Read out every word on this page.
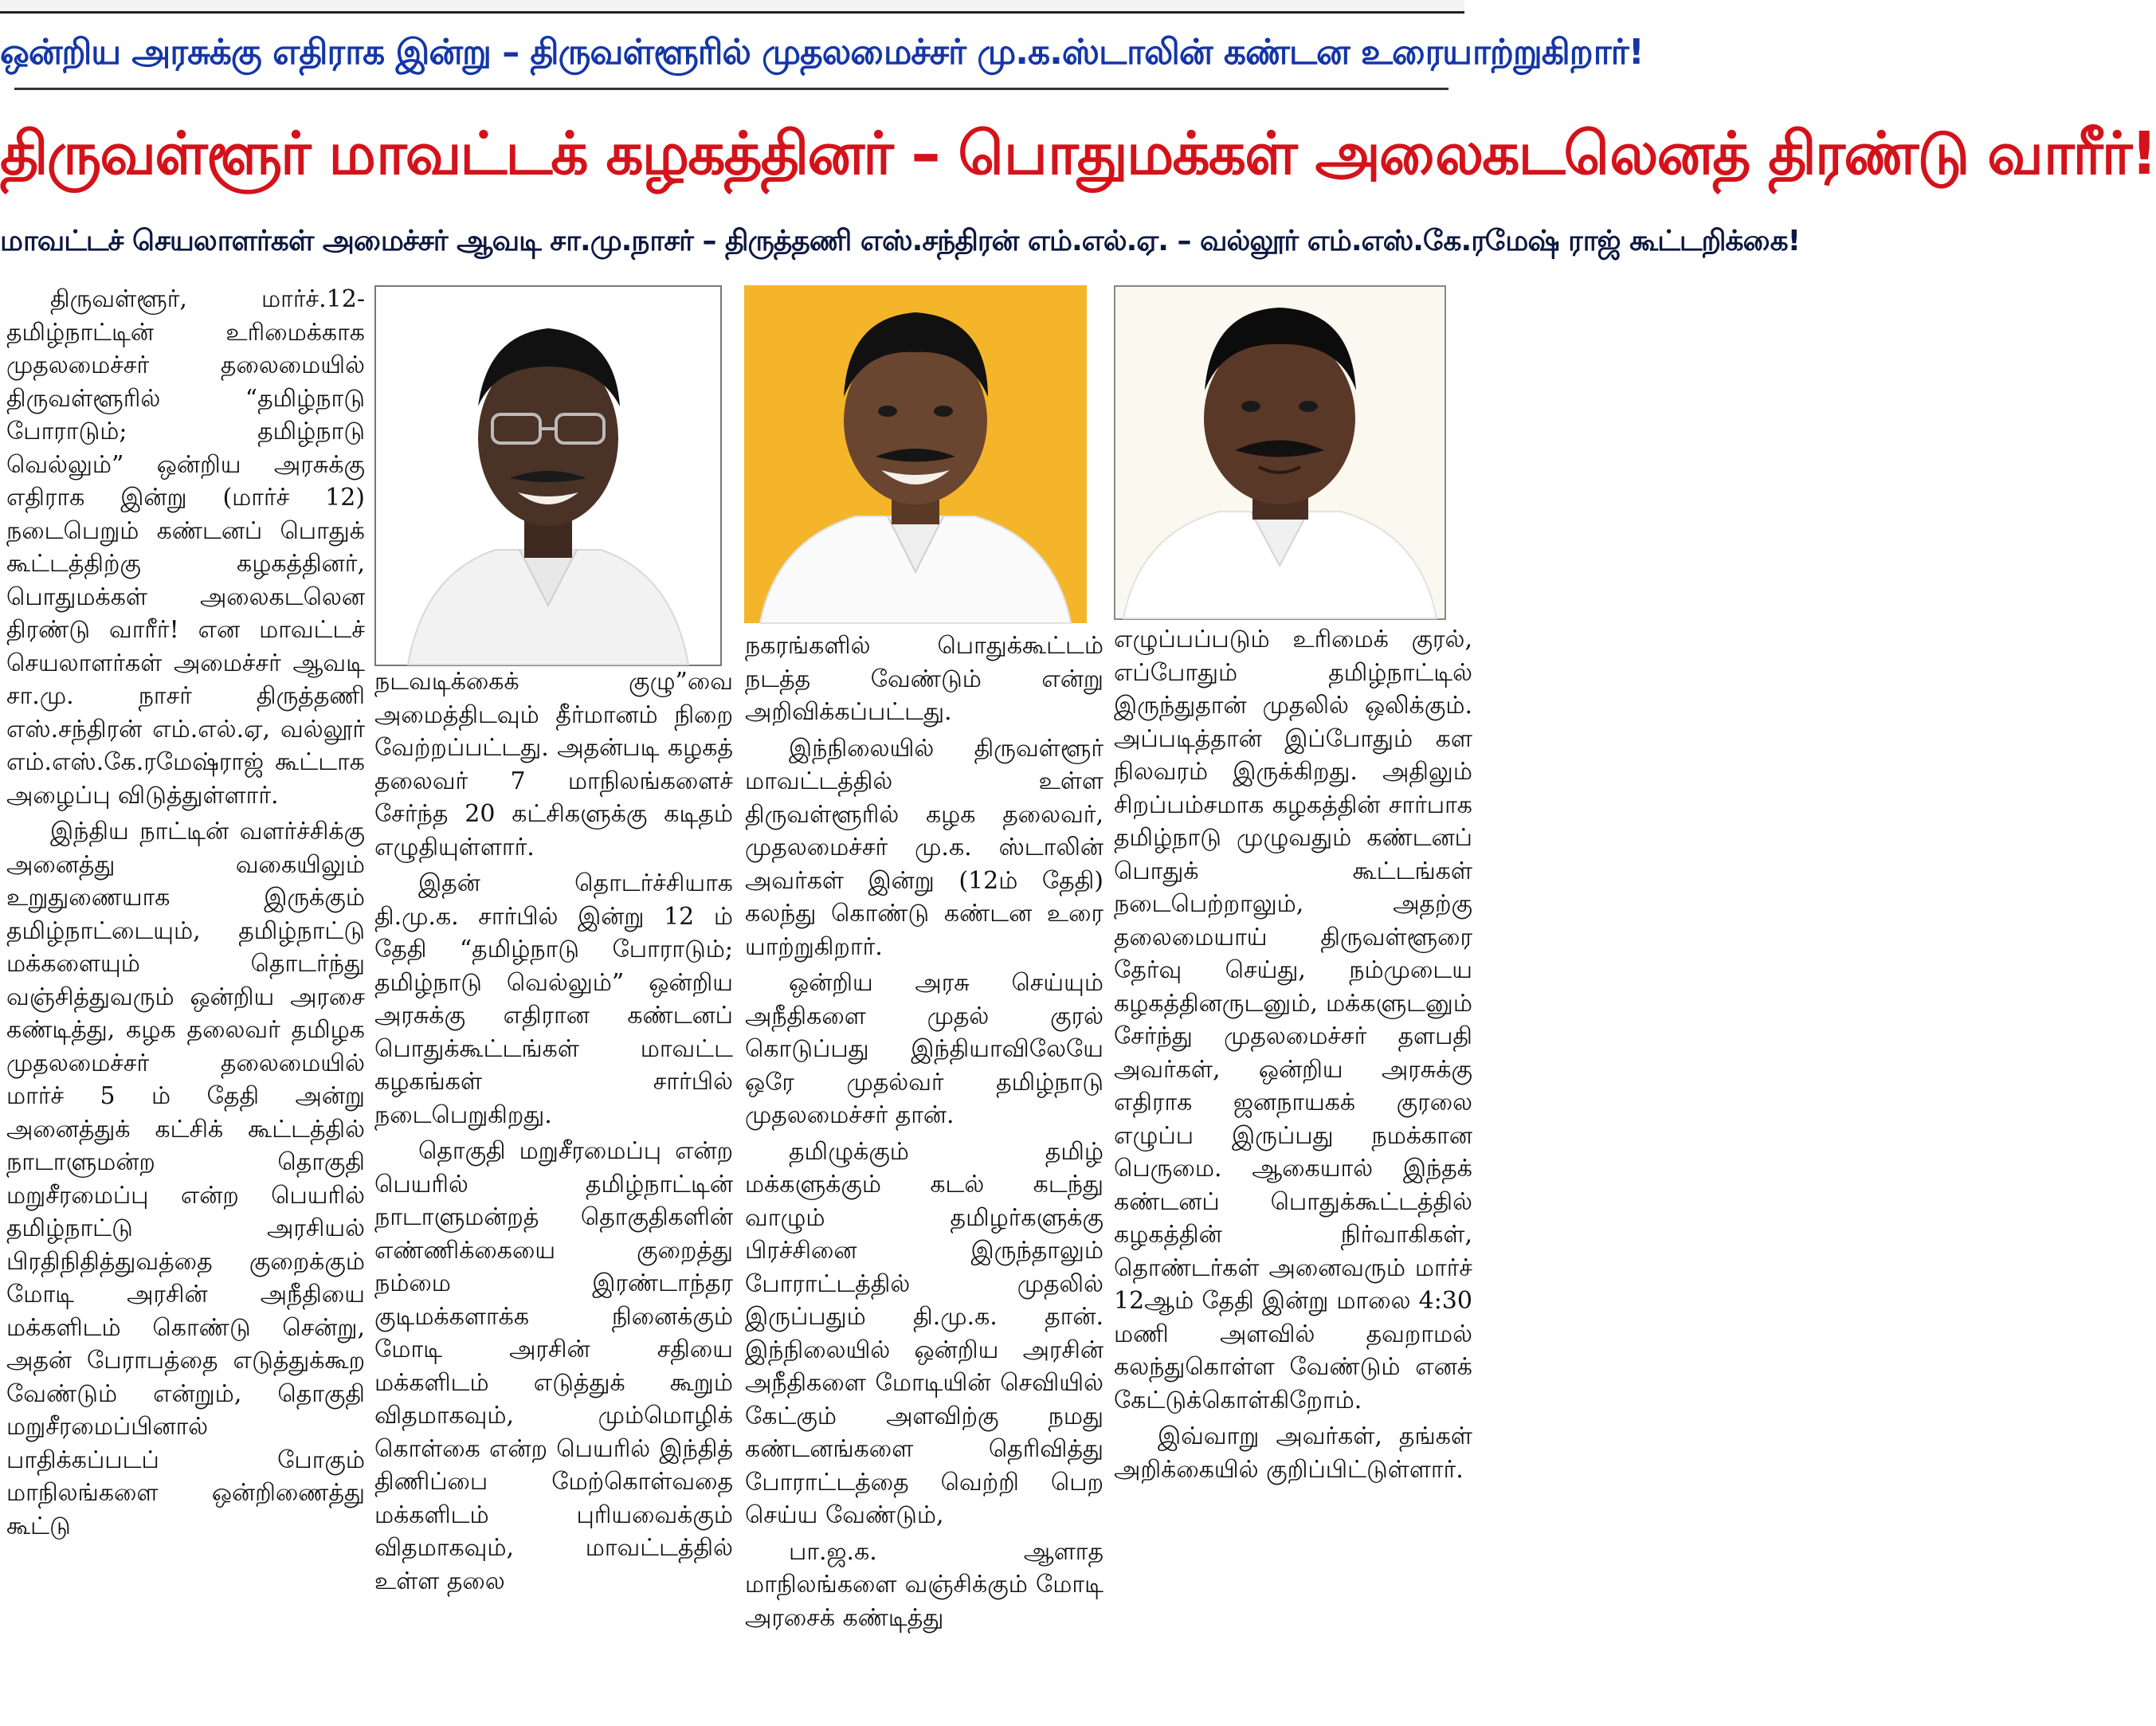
ஒன்றிய அரசுக்கு எதிராக இன்று – திருவள்ளூரில் முதலமைச்சர் மு.க.ஸ்டாலின் கண்டன உரையாற்றுகிறார்!
திருவள்ளூர் மாவட்டக் கழகத்தினர் – பொதுமக்கள் அலைகடலெனத் திரண்டு வாரீர்!
மாவட்டச் செயலாளர்கள் அமைச்சர் ஆவடி சா.மு.நாசர் – திருத்தணி எஸ்.சந்திரன் எம்.எல்.ஏ. – வல்லூர் எம்.எஸ்.கே.ரமேஷ் ராஜ் கூட்டறிக்கை!

திருவள்ளூர், மார்ச்.12- தமிழ்நாட்டின் உரிமைக்காக முதலமைச்சர் தலைமையில் திருவள்ளூரில் “தமிழ்நாடு போராடும்; தமிழ்நாடு வெல்லும்” ஒன்றிய அரசுக்கு எதிராக இன்று (மார்ச் 12) நடைபெறும் கண்டனப் பொதுக் கூட்டத்திற்கு கழகத்தினர், பொதுமக்கள் அலைகடலென திரண்டு வாரீர்! என மாவட்டச் செயலாளர்கள் அமைச்சர் ஆவடி சா.மு. நாசர் திருத்தணி எஸ்.சந்திரன் எம்.எல்.ஏ, வல்லூர் எம்.எஸ்.கே.ரமேஷ்ராஜ் கூட்டாக அழைப்பு விடுத்துள்ளார்.

இந்திய நாட்டின் வளர்ச்சிக்கு அனைத்து வகையிலும் உறுதுணையாக இருக்கும் தமிழ்நாட்டையும், தமிழ்நாட்டு மக்களையும் தொடர்ந்து வஞ்சித்துவரும் ஒன்றிய அரசை கண்டித்து, கழக தலைவர் தமிழக முதலமைச்சர் தலைமையில் மார்ச் 5 ம் தேதி அன்று அனைத்துக் கட்சிக் கூட்டத்தில் நாடாளுமன்ற தொகுதி மறுசீரமைப்பு என்ற பெயரில் தமிழ்நாட்டு அரசியல் பிரதிநிதித்துவத்தை குறைக்கும் மோடி அரசின் அநீதியை மக்களிடம் கொண்டு சென்று, அதன் பேராபத்தை எடுத்துக்கூற வேண்டும் என்றும், தொகுதி மறுசீரமைப்பினால் பாதிக்கப்படப் போகும் மாநிலங்களை ஒன்றிணைத்து கூட்டு

நடவடிக்கைக் குழு”வை அமைத்திடவும் தீர்மானம் நிறை வேற்றப்பட்டது. அதன்படி கழகத் தலைவர் 7 மாநிலங்களைச் சேர்ந்த 20 கட்சிகளுக்கு கடிதம் எழுதியுள்ளார்.

இதன் தொடர்ச்சியாக தி.மு.க. சார்பில் இன்று 12 ம் தேதி “தமிழ்நாடு போராடும்; தமிழ்நாடு வெல்லும்” ஒன்றிய அரசுக்கு எதிரான கண்டனப் பொதுக்கூட்டங்கள் மாவட்ட கழகங்கள் சார்பில் நடைபெறுகிறது.

தொகுதி மறுசீரமைப்பு என்ற பெயரில் தமிழ்நாட்டின் நாடாளுமன்றத் தொகுதிகளின் எண்ணிக்கையை குறைத்து நம்மை இரண்டாந்தர குடிமக்களாக்க நினைக்கும் மோடி அரசின் சதியை மக்களிடம் எடுத்துக் கூறும் விதமாகவும், மும்மொழிக் கொள்கை என்ற பெயரில் இந்தித் திணிப்பை மேற்கொள்வதை மக்களிடம் புரியவைக்கும் விதமாகவும், மாவட்டத்தில் உள்ள தலை

நகரங்களில் பொதுக்கூட்டம் நடத்த வேண்டும் என்று அறிவிக்கப்பட்டது.

இந்நிலையில் திருவள்ளூர் மாவட்டத்தில் உள்ள திருவள்ளூரில் கழக தலைவர், முதலமைச்சர் மு.க. ஸ்டாலின் அவர்கள் இன்று (12ம் தேதி) கலந்து கொண்டு கண்டன உரை யாற்றுகிறார்.

ஒன்றிய அரசு செய்யும் அநீதிகளை முதல் குரல் கொடுப்பது இந்தியாவிலேயே ஒரே முதல்வர் தமிழ்நாடு முதலமைச்சர் தான்.

தமிழுக்கும் தமிழ் மக்களுக்கும் கடல் கடந்து வாழும் தமிழர்களுக்கு பிரச்சினை இருந்தாலும் போராட்டத்தில் முதலில் இருப்பதும் தி.மு.க. தான். இந்நிலையில் ஒன்றிய அரசின் அநீதிகளை மோடியின் செவியில் கேட்கும் அளவிற்கு நமது கண்டனங்களை தெரிவித்து போராட்டத்தை வெற்றி பெற செய்ய வேண்டும்,

பா.ஜ.க. ஆளாத மாநிலங்களை வஞ்சிக்கும் மோடி அரசைக் கண்டித்து

எழுப்பப்படும் உரிமைக் குரல், எப்போதும் தமிழ்நாட்டில் இருந்துதான் முதலில் ஒலிக்கும். அப்படித்தான் இப்போதும் கள நிலவரம் இருக்கிறது. அதிலும் சிறப்பம்சமாக கழகத்தின் சார்பாக தமிழ்நாடு முழுவதும் கண்டனப் பொதுக் கூட்டங்கள் நடைபெற்றாலும், அதற்கு தலைமையாய் திருவள்ளூரை தேர்வு செய்து, நம்முடைய கழகத்தினருடனும், மக்களுடனும் சேர்ந்து முதலமைச்சர் தளபதி அவர்கள், ஒன்றிய அரசுக்கு எதிராக ஜனநாயகக் குரலை எழுப்ப இருப்பது நமக்கான பெருமை. ஆகையால் இந்தக் கண்டனப் பொதுக்கூட்டத்தில் கழகத்தின் நிர்வாகிகள், தொண்டர்கள் அனைவரும் மார்ச் 12ஆம் தேதி இன்று மாலை 4:30 மணி அளவில் தவறாமல் கலந்துகொள்ள வேண்டும் எனக் கேட்டுக்கொள்கிறோம்.

இவ்வாறு அவர்கள், தங்கள் அறிக்கையில் குறிப்பிட்டுள்ளார்.
